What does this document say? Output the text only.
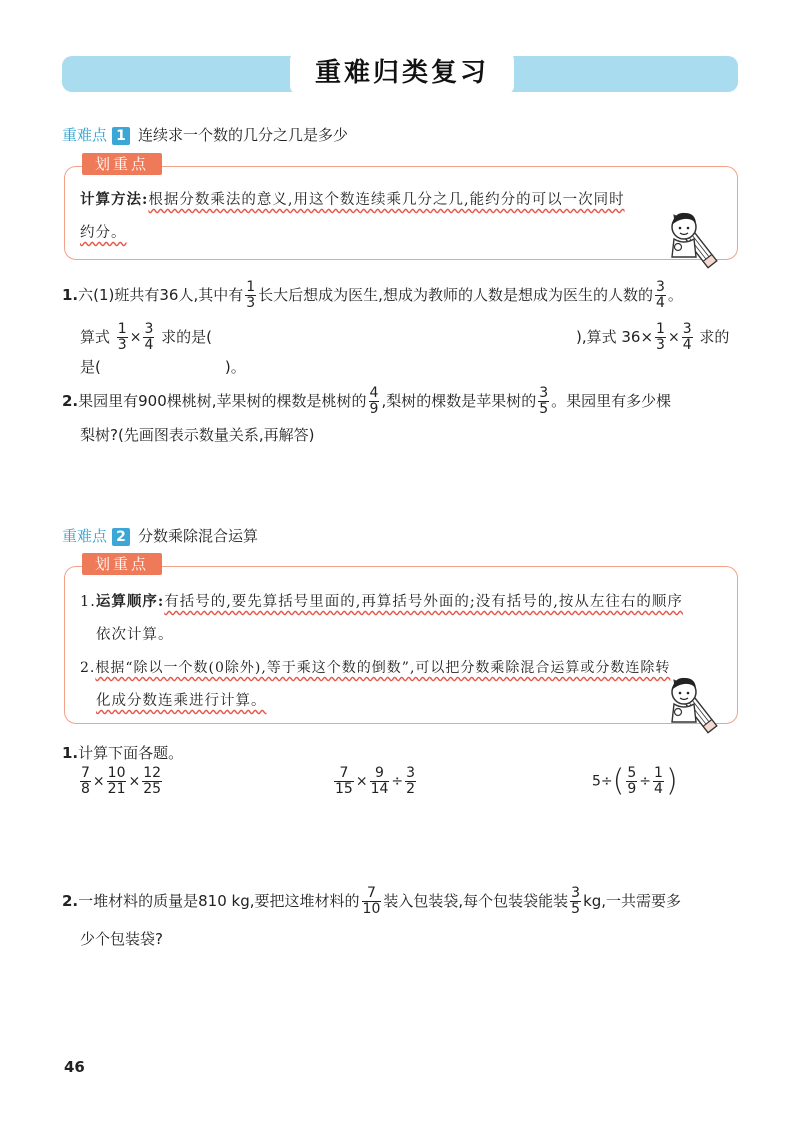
重难归类复习
重难点 1 连续求一个数的几分之几是多少
划重点
计算方法:根据分数乘法的意义,用这个数连续乘几分之几,能约分的可以一次同时
约分。
1.六(1)班共有36人,其中有 $\frac{1}{3}$ 长大后想成为医生,想成为教师的人数是想成为医生的人数的 $\frac{3}{4}$ 。
算式 $\frac{1}{3} \times \frac{3}{4}$ 求的是(	),算式 $36\times \frac{1}{3} \times \frac{3}{4}$ 求的
是(	)。
2.果园里有900棵桃树,苹果树的棵数是桃树的 $\frac{4}{9}$ ,梨树的棵数是苹果树的 $\frac{3}{5}$ 。果园里有多少棵
梨树?(先画图表示数量关系,再解答)
重难点 2 分数乘除混合运算
划重点
1.运算顺序:有括号的,要先算括号里面的,再算括号外面的;没有括号的,按从左往右的顺序
依次计算。
2.根据“除以一个数(0除外),等于乘这个数的倒数”,可以把分数乘除混合运算或分数连除转
化成分数连乘进行计算。
1.计算下面各题。
$\frac{7}{8} \times \frac{10}{21} \times \frac{12}{25}$	$\frac{7}{15} \times \frac{9}{14} \div \frac{3}{2}$	$5\div( \frac{5}{9} \div \frac{1}{4}$ )
2.一堆材料的质量是810 kg,要把这堆材料的 $\frac{7}{10}$ 装入包装袋,每个包装袋能装 $\frac{3}{5}$ kg,一共需要多
少个包装袋?
46
